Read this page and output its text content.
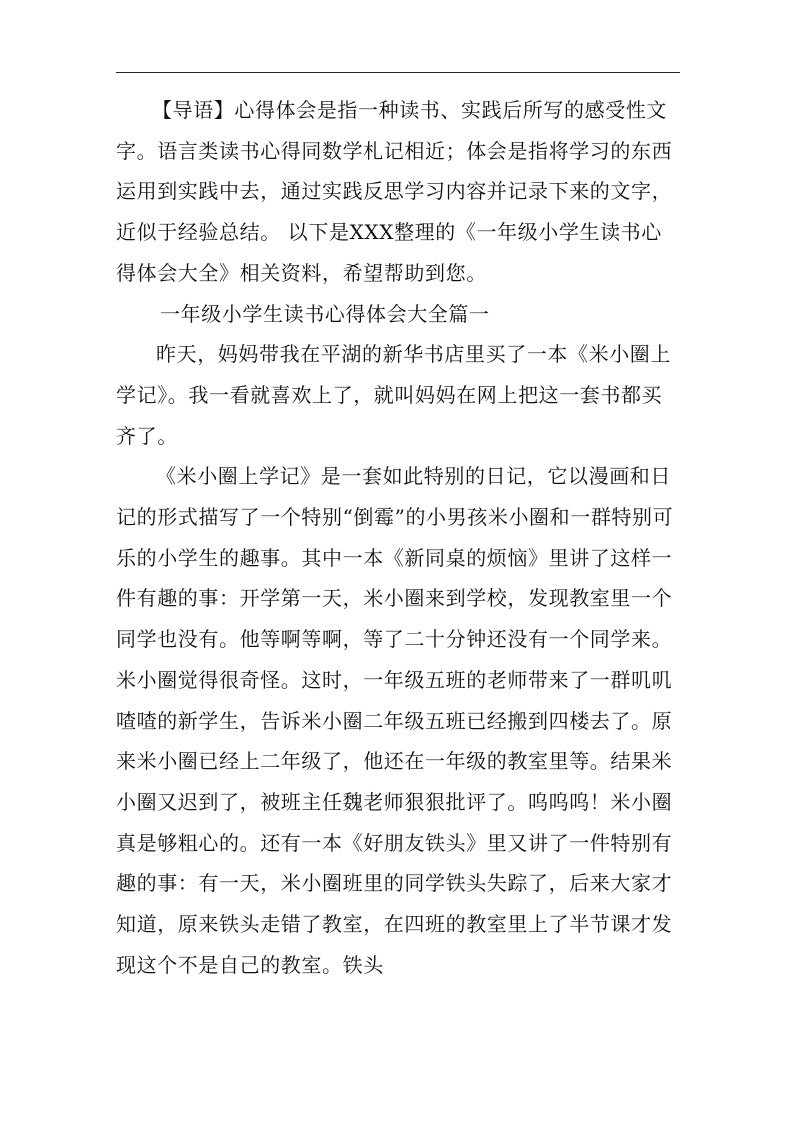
【导语】心得体会是指一种读书、实践后所写的感受性文字。语言类读书心得同数学札记相近；体会是指将学习的东西运用到实践中去，通过实践反思学习内容并记录下来的文字，近似于经验总结。 以下是XXX整理的《一年级小学生读书心得体会大全》相关资料，希望帮助到您。

一年级小学生读书心得体会大全篇一

昨天，妈妈带我在平湖的新华书店里买了一本《米小圈上学记》。我一看就喜欢上了，就叫妈妈在网上把这一套书都买齐了。

《米小圈上学记》是一套如此特别的日记，它以漫画和日记的形式描写了一个特别“倒霉”的小男孩米小圈和一群特别可乐的小学生的趣事。其中一本《新同桌的烦恼》里讲了这样一件有趣的事：开学第一天，米小圈来到学校，发现教室里一个同学也没有。他等啊等啊，等了二十分钟还没有一个同学来。米小圈觉得很奇怪。这时，一年级五班的老师带来了一群叽叽喳喳的新学生，告诉米小圈二年级五班已经搬到四楼去了。原来米小圈已经上二年级了，他还在一年级的教室里等。结果米小圈又迟到了，被班主任魏老师狠狠批评了。呜呜呜！米小圈真是够粗心的。还有一本《好朋友铁头》里又讲了一件特别有趣的事：有一天，米小圈班里的同学铁头失踪了，后来大家才知道，原来铁头走错了教室，在四班的教室里上了半节课才发现这个不是自己的教室。铁头
